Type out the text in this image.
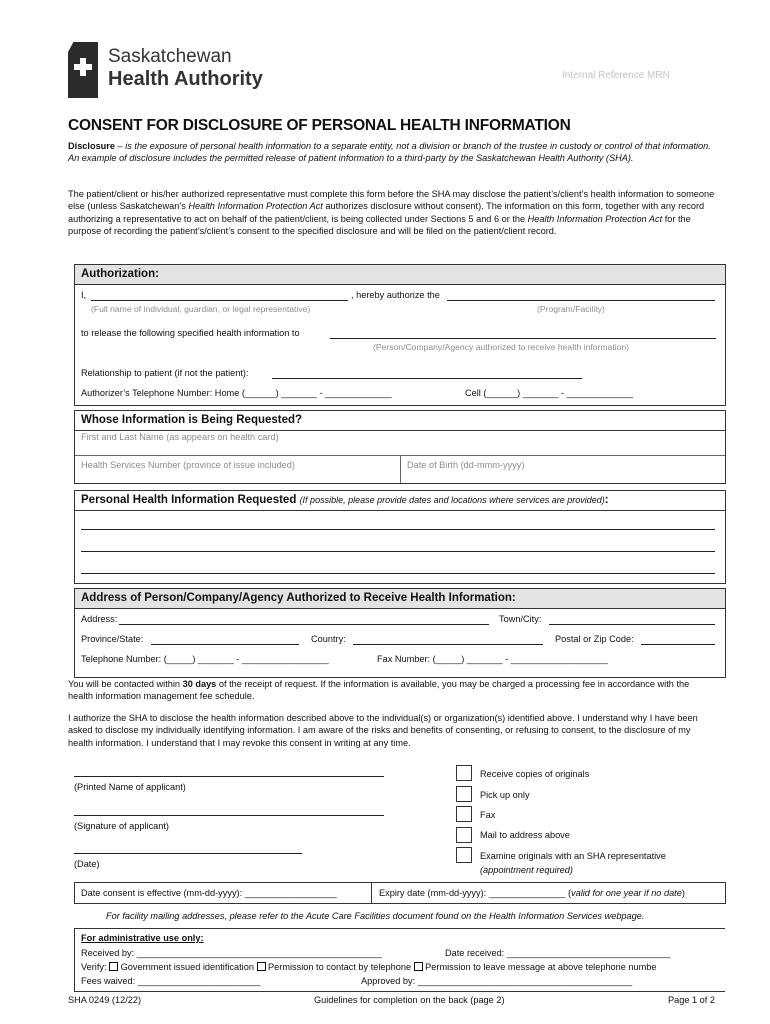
Saskatchewan
Health Authority	Internal Reference MRN
CONSENT FOR DISCLOSURE OF PERSONAL HEALTH INFORMATION
Disclosure – is the exposure of personal health information to a separate entity, not a division or branch of the trustee in custody or control of that information. An example of disclosure includes the permitted release of patient information to a third-party by the Saskatchewan Health Authority (SHA).
The patient/client or his/her authorized representative must complete this form before the SHA may disclose the patient’s/client’s health information to someone else (unless Saskatchewan’s Health Information Protection Act authorizes disclosure without consent). The information on this form, together with any record authorizing a representative to act on behalf of the patient/client, is being collected under Sections 5 and 6 or the Health Information Protection Act for the purpose of recording the patient’s/client’s consent to the specified disclosure and will be filed on the patient/client record.
Authorization:
I,	, hereby authorize the
(Full name of individual, guardian, or legal representative)	(Program/Facility)
to release the following specified health information to
(Person/Company/Agency authorized to receive health information)
Relationship to patient (if not the patient):
Authorizer’s Telephone Number: Home (______) _______ - _____________	Cell (______) _______ - _____________
Whose Information is Being Requested?
First and Last Name (as appears on health card)
Health Services Number (province of issue included)	Date of Birth (dd-mmm-yyyy)
Personal Health Information Requested (If possible, please provide dates and locations where services are provided):
Address of Person/Company/Agency Authorized to Receive Health Information:
Address:	Town/City:
Province/State:	Country:	Postal or Zip Code:
Telephone Number: (_____) _______ - _________________	Fax Number: (_____) _______ - ___________________
You will be contacted within 30 days of the receipt of request. If the information is available, you may be charged a processing fee in accordance with the health information management fee schedule.
I authorize the SHA to disclose the health information described above to the individual(s) or organization(s) identified above. I understand why I have been asked to disclose my individually identifying information. I am aware of the risks and benefits of consenting, or refusing to consent, to the disclosure of my health information. I understand that I may revoke this consent in writing at any time.
(Printed Name of applicant)
(Signature of applicant)
(Date)
Receive copies of originals
Pick up only
Fax
Mail to address above
Examine originals with an SHA representative
(appointment required)
Date consent is effective (mm-dd-yyyy): __________________	Expiry date (mm-dd-yyyy): _______________ (valid for one year if no date)
For facility mailing addresses, please refer to the Acute Care Facilities document found on the Health Information Services webpage.
For administrative use only:
Received by: ________________________________________________	Date received: ________________________________
Verify:  Government issued identification  Permission to contact by telephone  Permission to leave message at above telephone numbe
Fees waived: ________________________	Approved by: __________________________________________
SHA 0249 (12/22)	Guidelines for completion on the back (page 2)	Page 1 of 2
